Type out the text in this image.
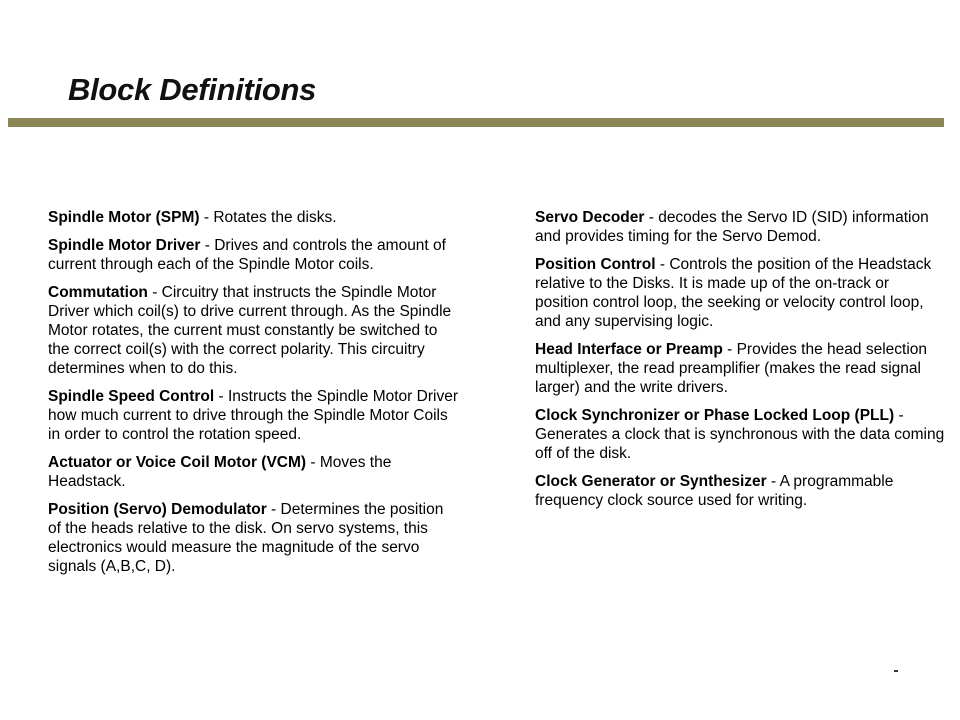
Block Definitions

Spindle Motor (SPM) - Rotates the disks.

Spindle Motor Driver - Drives and controls the amount of current through each of the Spindle Motor coils.

Commutation - Circuitry that instructs the Spindle Motor Driver which coil(s) to drive current through. As the Spindle Motor rotates, the current must constantly be switched to the correct coil(s) with the correct polarity. This circuitry determines when to do this.

Spindle Speed Control - Instructs the Spindle Motor Driver how much current to drive through the Spindle Motor Coils in order to control the rotation speed.

Actuator or Voice Coil Motor (VCM) - Moves the Headstack.

Position (Servo) Demodulator - Determines the position of the heads relative to the disk. On servo systems, this electronics would measure the magnitude of the servo signals (A,B,C, D).

Servo Decoder - decodes the Servo ID (SID) information and provides timing for the Servo Demod.

Position Control - Controls the position of the Headstack relative to the Disks. It is made up of the on-track or position control loop, the seeking or velocity control loop, and any supervising logic.

Head Interface or Preamp - Provides the head selection multiplexer, the read preamplifier (makes the read signal larger) and the write drivers.

Clock Synchronizer or Phase Locked Loop (PLL) - Generates a clock that is synchronous with the data coming off of the disk.

Clock Generator or Synthesizer - A programmable frequency clock source used for writing.
